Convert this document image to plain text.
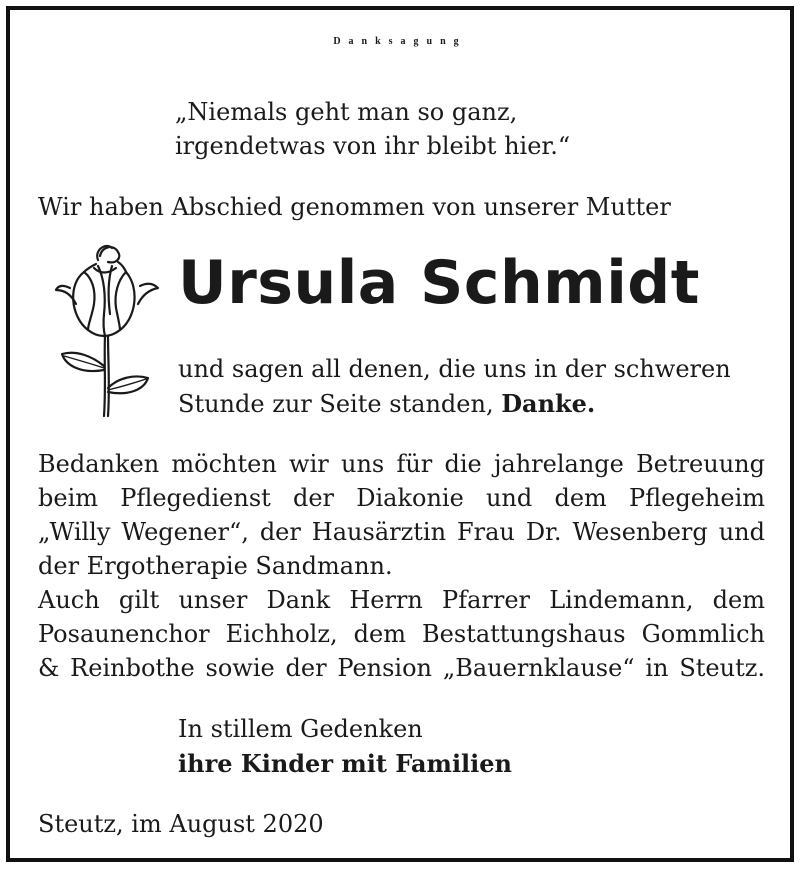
Danksagung
„Niemals geht man so ganz,
irgendetwas von ihr bleibt hier.“
Wir haben Abschied genommen von unserer Mutter
Ursula Schmidt
und sagen all denen, die uns in der schweren
Stunde zur Seite standen, Danke.
Bedanken möchten wir uns für die jahrelange Betreuung
beim Pflegedienst der Diakonie und dem Pflegeheim
„Willy Wegener“, der Hausärztin Frau Dr. Wesenberg und
der Ergotherapie Sandmann.
Auch gilt unser Dank Herrn Pfarrer Lindemann, dem
Posaunenchor Eichholz, dem Bestattungshaus Gommlich
& Reinbothe sowie der Pension „Bauernklause“ in Steutz.
In stillem Gedenken
ihre Kinder mit Familien
Steutz, im August 2020
